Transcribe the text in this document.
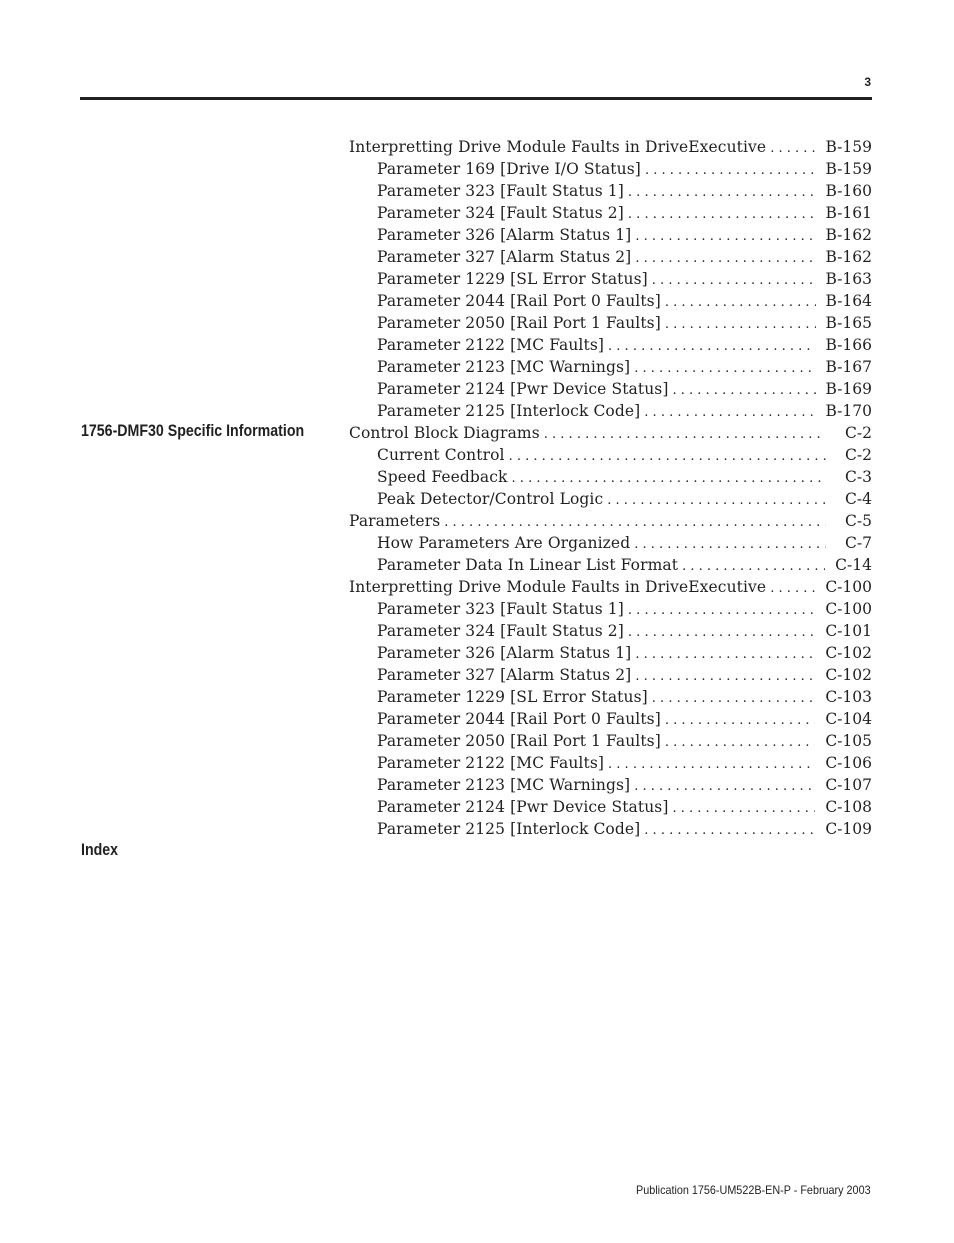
3
1756-DMF30 Specific Information
Index
Interpretting Drive Module Faults in DriveExecutive . . .	B-159
Parameter 169 [Drive I/O Status] . . .	B-159
Parameter 323 [Fault Status 1] . . .	B-160
Parameter 324 [Fault Status 2] . . .	B-161
Parameter 326 [Alarm Status 1] . . .	B-162
Parameter 327 [Alarm Status 2] . . .	B-162
Parameter 1229 [SL Error Status] . . .	B-163
Parameter 2044 [Rail Port 0 Faults] . . .	B-164
Parameter 2050 [Rail Port 1 Faults] . . .	B-165
Parameter 2122 [MC Faults] . . .	B-166
Parameter 2123 [MC Warnings] . . .	B-167
Parameter 2124 [Pwr Device Status] . . .	B-169
Parameter 2125 [Interlock Code] . . .	B-170
Control Block Diagrams . . .	C-2
Current Control . . .	C-2
Speed Feedback . . .	C-3
Peak Detector/Control Logic . . .	C-4
Parameters . . .	C-5
How Parameters Are Organized . . .	C-7
Parameter Data In Linear List Format . . .	C-14
Interpretting Drive Module Faults in DriveExecutive . . .	C-100
Parameter 323 [Fault Status 1] . . .	C-100
Parameter 324 [Fault Status 2] . . .	C-101
Parameter 326 [Alarm Status 1] . . .	C-102
Parameter 327 [Alarm Status 2] . . .	C-102
Parameter 1229 [SL Error Status] . . .	C-103
Parameter 2044 [Rail Port 0 Faults] . . .	C-104
Parameter 2050 [Rail Port 1 Faults] . . .	C-105
Parameter 2122 [MC Faults] . . .	C-106
Parameter 2123 [MC Warnings] . . .	C-107
Parameter 2124 [Pwr Device Status] . . .	C-108
Parameter 2125 [Interlock Code] . . .	C-109
Publication 1756-UM522B-EN-P - February 2003
